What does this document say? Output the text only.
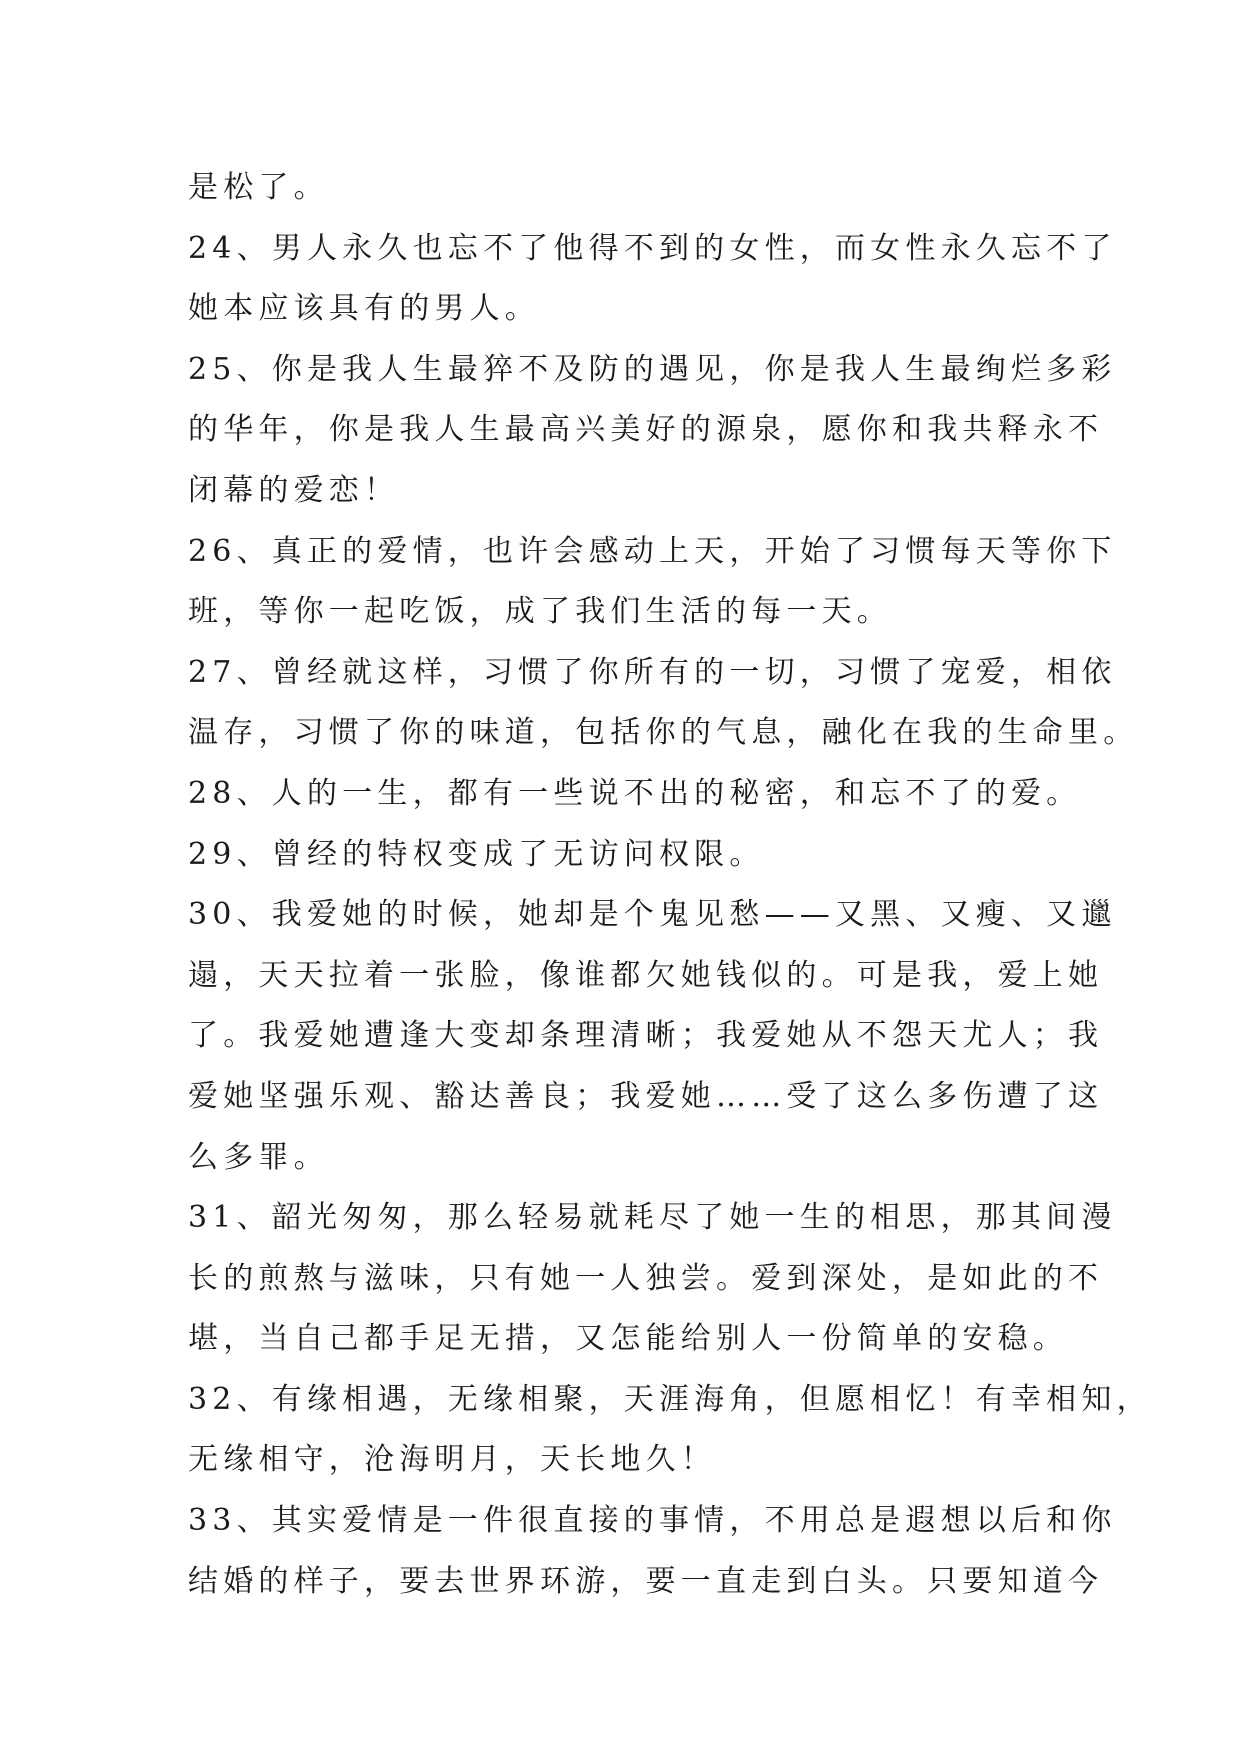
是松了。
24、男人永久也忘不了他得不到的女性，而女性永久忘不了
她本应该具有的男人。
25、你是我人生最猝不及防的遇见，你是我人生最绚烂多彩
的华年，你是我人生最高兴美好的源泉，愿你和我共释永不
闭幕的爱恋！
26、真正的爱情，也许会感动上天，开始了习惯每天等你下
班，等你一起吃饭，成了我们生活的每一天。
27、曾经就这样，习惯了你所有的一切，习惯了宠爱，相依
温存，习惯了你的味道，包括你的气息，融化在我的生命里。
28、人的一生，都有一些说不出的秘密，和忘不了的爱。
29、曾经的特权变成了无访问权限。
30、我爱她的时候，她却是个鬼见愁——又黑、又瘦、又邋
遢，天天拉着一张脸，像谁都欠她钱似的。可是我，爱上她
了。我爱她遭逢大变却条理清晰；我爱她从不怨天尤人；我
爱她坚强乐观、豁达善良；我爱她……受了这么多伤遭了这
么多罪。
31、韶光匆匆，那么轻易就耗尽了她一生的相思，那其间漫
长的煎熬与滋味，只有她一人独尝。爱到深处，是如此的不
堪，当自己都手足无措，又怎能给别人一份简单的安稳。
32、有缘相遇，无缘相聚，天涯海角，但愿相忆！有幸相知，
无缘相守，沧海明月，天长地久！
33、其实爱情是一件很直接的事情，不用总是遐想以后和你
结婚的样子，要去世界环游，要一直走到白头。只要知道今
